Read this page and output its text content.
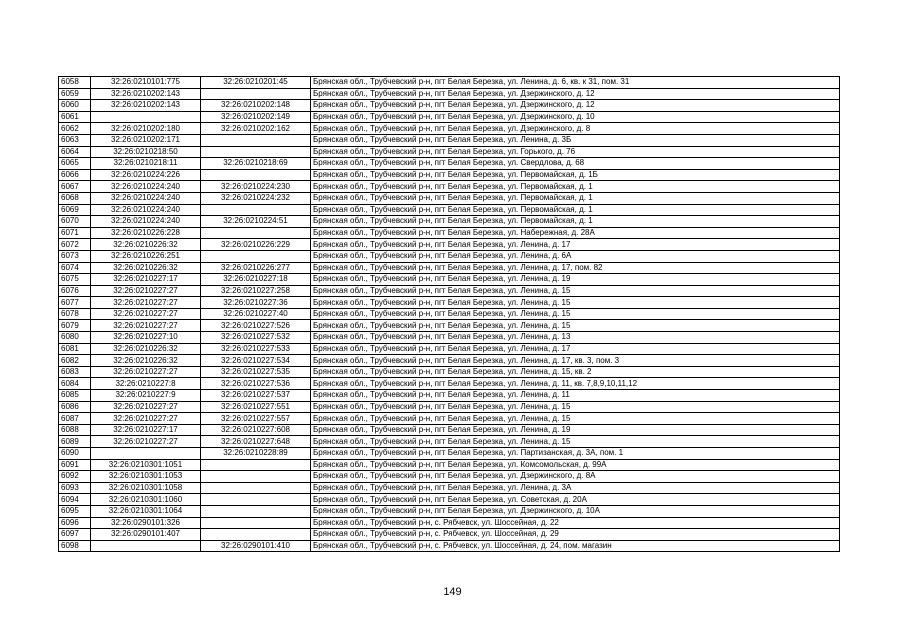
6058	32:26:0210101:775	32:26:0210201:45	Брянская обл., Трубчевский р-н, пгт Белая Березка, ул. Ленина, д. 6, кв. к 31, пом. 31
6059	32:26:0210202:143		Брянская обл., Трубчевский р-н, пгт Белая Березка, ул. Дзержинского, д. 12
6060	32:26:0210202:143	32:26:0210202:148	Брянская обл., Трубчевский р-н, пгт Белая Березка, ул. Дзержинского, д. 12
6061		32:26:0210202:149	Брянская обл., Трубчевский р-н, пгт Белая Березка, ул. Дзержинского, д. 10
6062	32:26:0210202:180	32:26:0210202:162	Брянская обл., Трубчевский р-н, пгт Белая Березка, ул. Дзержинского, д. 8
6063	32:26:0210202:171		Брянская обл., Трубчевский р-н, пгт Белая Березка, ул. Ленина, д. 3Б
6064	32:26:0210218:50		Брянская обл., Трубчевский р-н, пгт Белая Березка, ул. Горького, д. 76
6065	32:26:0210218:11	32:26:0210218:69	Брянская обл., Трубчевский р-н, пгт Белая Березка, ул. Свердлова, д. 68
6066	32:26:0210224:226		Брянская обл., Трубчевский р-н, пгт Белая Березка, ул. Первомайская, д. 1Б
6067	32:26:0210224:240	32:26:0210224:230	Брянская обл., Трубчевский р-н, пгт Белая Березка, ул. Первомайская, д. 1
6068	32:26:0210224:240	32:26:0210224:232	Брянская обл., Трубчевский р-н, пгт Белая Березка, ул. Первомайская, д. 1
6069	32:26:0210224:240		Брянская обл., Трубчевский р-н, пгт Белая Березка, ул. Первомайская, д. 1
6070	32:26:0210224:240	32:26:0210224:51	Брянская обл., Трубчевский р-н, пгт Белая Березка, ул. Первомайская, д. 1
6071	32:26:0210226:228		Брянская обл., Трубчевский р-н, пгт Белая Березка, ул. Набережная, д. 28А
6072	32:26:0210226:32	32:26:0210226:229	Брянская обл., Трубчевский р-н, пгт Белая Березка, ул. Ленина, д. 17
6073	32:26:0210226:251		Брянская обл., Трубчевский р-н, пгт Белая Березка, ул. Ленина, д. 6А
6074	32:26:0210226:32	32:26:0210226:277	Брянская обл., Трубчевский р-н, пгт Белая Березка, ул. Ленина, д. 17, пом. 82
6075	32:26:0210227:17	32:26:0210227:18	Брянская обл., Трубчевский р-н, пгт Белая Березка, ул. Ленина, д. 19
6076	32:26:0210227:27	32:26:0210227:258	Брянская обл., Трубчевский р-н, пгт Белая Березка, ул. Ленина, д. 15
6077	32:26:0210227:27	32:26:0210227:36	Брянская обл., Трубчевский р-н, пгт Белая Березка, ул. Ленина, д. 15
6078	32:26:0210227:27	32:26:0210227:40	Брянская обл., Трубчевский р-н, пгт Белая Березка, ул. Ленина, д. 15
6079	32:26:0210227:27	32:26:0210227:526	Брянская обл., Трубчевский р-н, пгт Белая Березка, ул. Ленина, д. 15
6080	32:26:0210227:10	32:26:0210227:532	Брянская обл., Трубчевский р-н, пгт Белая Березка, ул. Ленина, д. 13
6081	32:26:0210226:32	32:26:0210227:533	Брянская обл., Трубчевский р-н, пгт Белая Березка, ул. Ленина, д. 17
6082	32:26:0210226:32	32:26:0210227:534	Брянская обл., Трубчевский р-н, пгт Белая Березка, ул. Ленина, д. 17, кв. 3, пом. 3
6083	32:26:0210227:27	32:26:0210227:535	Брянская обл., Трубчевский р-н, пгт Белая Березка, ул. Ленина, д. 15, кв. 2
6084	32:26:0210227:8	32:26:0210227:536	Брянская обл., Трубчевский р-н, пгт Белая Березка, ул. Ленина, д. 11, кв. 7,8,9,10,11,12
6085	32:26:0210227:9	32:26:0210227:537	Брянская обл., Трубчевский р-н, пгт Белая Березка, ул. Ленина, д. 11
6086	32:26:0210227:27	32:26:0210227:551	Брянская обл., Трубчевский р-н, пгт Белая Березка, ул. Ленина, д. 15
6087	32:26:0210227:27	32:26:0210227:557	Брянская обл., Трубчевский р-н, пгт Белая Березка, ул. Ленина, д. 15
6088	32:26:0210227:17	32:26:0210227:608	Брянская обл., Трубчевский р-н, пгт Белая Березка, ул. Ленина, д. 19
6089	32:26:0210227:27	32:26:0210227:648	Брянская обл., Трубчевский р-н, пгт Белая Березка, ул. Ленина, д. 15
6090		32:26:0210228:89	Брянская обл., Трубчевский р-н, пгт Белая Березка, ул. Партизанская, д. 3А, пом. 1
6091	32:26:0210301:1051		Брянская обл., Трубчевский р-н, пгт Белая Березка, ул. Комсомольская, д. 99А
6092	32:26:0210301:1053		Брянская обл., Трубчевский р-н, пгт Белая Березка, ул. Дзержинского, д. 8А
6093	32:26:0210301:1058		Брянская обл., Трубчевский р-н, пгт Белая Березка, ул. Ленина, д. 3А
6094	32:26:0210301:1060		Брянская обл., Трубчевский р-н, пгт Белая Березка, ул. Советская, д. 20А
6095	32:26:0210301:1064		Брянская обл., Трубчевский р-н, пгт Белая Березка, ул. Дзержинского, д. 10А
6096	32:26:0290101:326		Брянская обл., Трубчевский р-н, с. Рябчевск, ул. Шоссейная, д. 22
6097	32:26:0290101:407		Брянская обл., Трубчевский р-н, с. Рябчевск, ул. Шоссейная, д. 29
6098		32:26:0290101:410	Брянская обл., Трубчевский р-н, с. Рябчевск, ул. Шоссейная, д. 24, пом. магазин
149
